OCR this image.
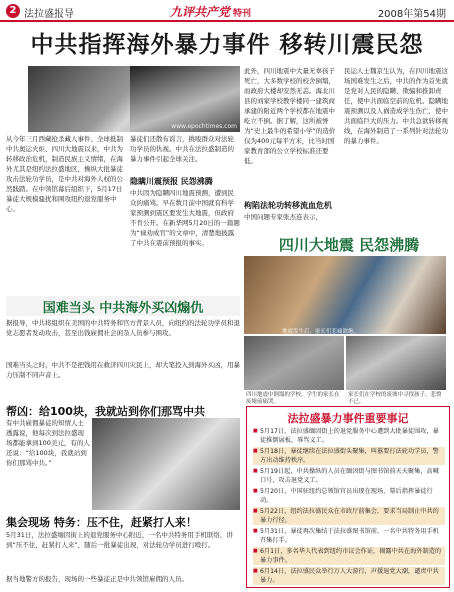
2 法拉盛报导	九评共产党 特刊	2008年第54期
中共指挥海外暴力事件 移转川震民怨
www.epochtimes.com
从今年三月西藏抢杀藏人事件、全球抵制中共奥运火炬、四川大地震以来，中共为转移政治危机，制造民族主义情绪，在海外尤其是纽约法拉盛地区，操纵大批暴徒攻击法轮功学员，是中共对海外人权的公然践踏。在中领馆幕后组织下，5月17日暴徒大规模骚扰和围攻纽约退党服务中心。
暴徒们还散布谣言，挑唆群众对法轮功学员的仇视。中共在法拉盛制造的暴力事件引起全球关注。
隐瞒川震预报 民怨沸腾
中共因为隐瞒四川地震预测，遭到民众的痛骂。早在数月前中国就有科学家预测到震区要发生大地震，但政府不肯公开。在新华网5月20日的一篇题为“禄劝成官”的文章中，清楚地披露了中共在震前预报的事实。
此外，四川地震中大量无辜孩子死亡，大多数学校的校舍倒塌，而政府大楼却安然无恙。海北川县的刘家学校教学楼同一建筑商承建的附近两个学校都在地震中屹立不倒。据了解，这所被誉为“史上最牛的希望小学”的造价仅为400元每平方米，比当时国家教育部的公立学校标准还要低。
民运人士魏京生认为，在四川地震这场国难发生之后，中共的作为首先就是党对人民的隐瞒、欺骗和推卸责任，使中共面临空前的危机。隐瞒地震预测以及人祸造成学生伤亡，使中共面临巨大的压力。中共急欲转移视线，在海外制造了一系列针对法轮功的暴力事件。
枸陷法轮功转移流血危机
中国问题专家张杰连表示，
四川大地震 民怨沸腾
地震发生后，家长们悲痛欲绝。
四川地震中倒塌的学校，学生的家长在废墟前痛哭。
家长们在学校的废墟中寻找孩子，悲愤不已。
国难当头 中共海外买凶煽仇
据报导，中共将组织在美国的中共特务和官方背景人员，向纽约的法轮功学员和退党志愿者发动攻击，甚至出钱雇佣社会闲杂人员参与围攻。
国难当头之时，中共不是把钱用在救济四川灾民上，却大笔投入到海外买凶，用暴力压制不同声音上。
帮凶：给100块，我就站到你们那骂中共
有中共雇佣暴徒的知情人士透露说，他每次到法拉盛现场都能拿到100美元，有的人还说：“给100块，我就站到你们那骂中共。”
集会现场 特务：压不住，赶紧打人来！
5月31日，法拉盛缅因街上的退党服务中心附近，一名中共特务用手机联络，讲到“压不住，赶紧打人来”，随后一批暴徒出现，对法轮功学员进行殴打。
据当地警方的报告，现场的一些暴徒正是中共领馆雇佣的人员。
法拉盛暴力事件重要事记
■ 5月17日，法拉盛缅因街上的退党服务中心遭到大批暴徒围攻，暴徒推倒展板，辱骂义工。
■ 5月18日，暴徒继续在法拉盛街头聚集，叫嚣要打法轮功学员，警方出动维持秩序。
■ 5月19日起，中共操纵的人员在缅因街与图书馆前天天聚集，高喊口号，攻击退党义工。
■ 5月20日，中国驻纽约总领馆官员出现在现场，幕后指挥暴徒行动。
■ 5月22日，纽约法拉盛民众在市政厅前集会，要求当局制止中共的暴力行径。
■ 5月31日，暴徒再次集结于法拉盛图书馆前，一名中共特务用手机召集打手。
■ 6月1日，多名华人代表到纽约市议会作证，揭露中共在海外制造的暴力事件。
■ 6月14日，法拉盛民众举行万人大游行，声援退党大潮，谴责中共暴力。
